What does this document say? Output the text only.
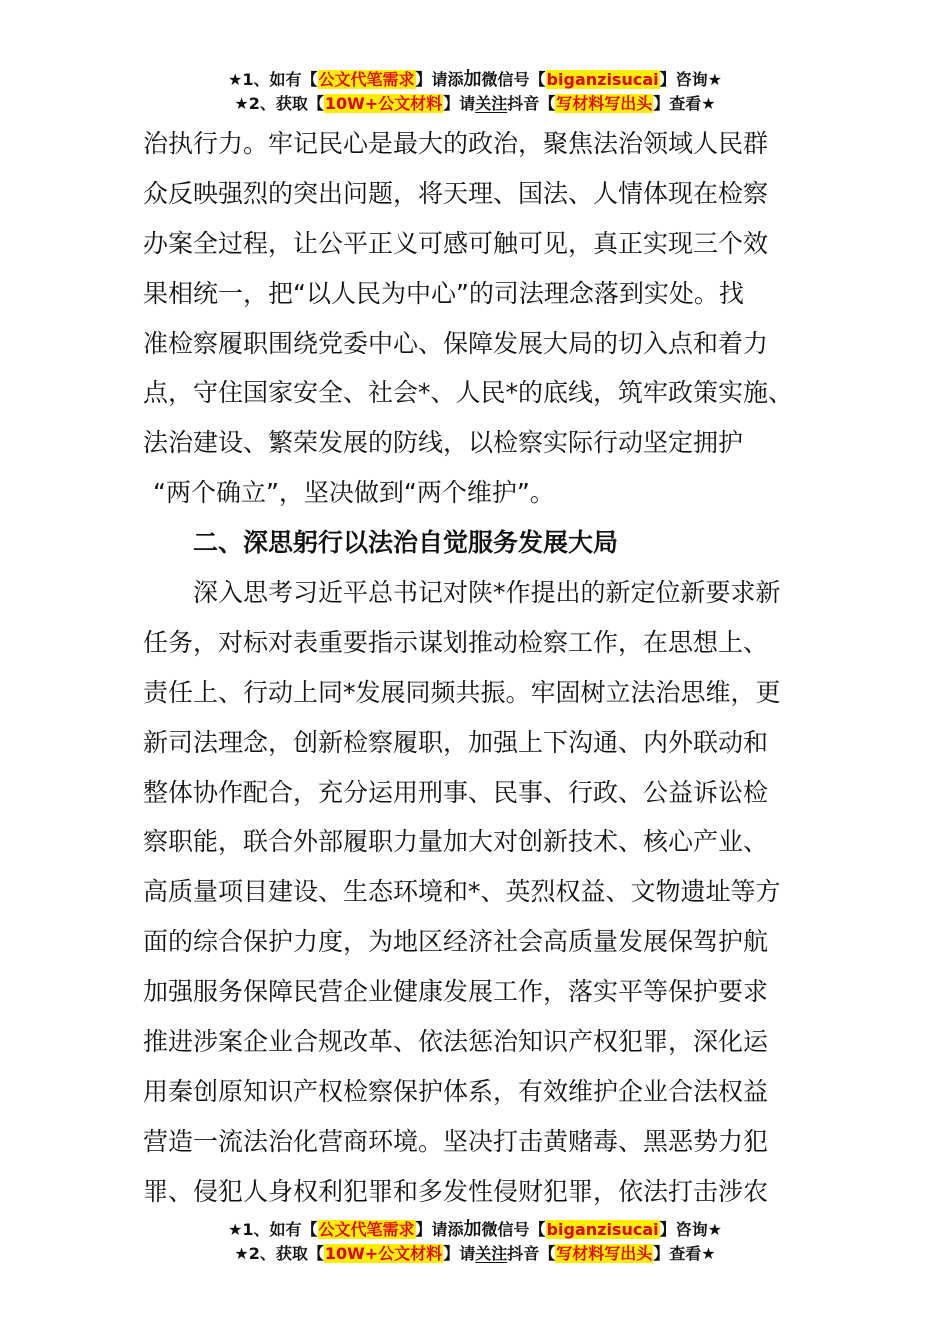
★1、如有【公文代笔需求】请添加微信号【biganzisucai】咨询★
★2、获取【10W+公文材料】请关注抖音【写材料写出头】查看★
治执行力。牢记民心是最大的政治，聚焦法治领域人民群
众反映强烈的突出问题，将天理、国法、人情体现在检察
办案全过程，让公平正义可感可触可见，真正实现三个效
果相统一，把“以人民为中心”的司法理念落到实处。找
准检察履职围绕党委中心、保障发展大局的切入点和着力
点，守住国家安全、社会*、人民*的底线，筑牢政策实施、
法治建设、繁荣发展的防线，以检察实际行动坚定拥护
“两个确立”，坚决做到“两个维护”。
二、深思躬行以法治自觉服务发展大局
深入思考习近平总书记对陕*作提出的新定位新要求新
任务，对标对表重要指示谋划推动检察工作，在思想上、
责任上、行动上同*发展同频共振。牢固树立法治思维，更
新司法理念，创新检察履职，加强上下沟通、内外联动和
整体协作配合，充分运用刑事、民事、行政、公益诉讼检
察职能，联合外部履职力量加大对创新技术、核心产业、
高质量项目建设、生态环境和*、英烈权益、文物遗址等方
面的综合保护力度，为地区经济社会高质量发展保驾护航
加强服务保障民营企业健康发展工作，落实平等保护要求
推进涉案企业合规改革、依法惩治知识产权犯罪，深化运
用秦创原知识产权检察保护体系，有效维护企业合法权益
营造一流法治化营商环境。坚决打击黄赌毒、黑恶势力犯
罪、侵犯人身权利犯罪和多发性侵财犯罪，依法打击涉农
★1、如有【公文代笔需求】请添加微信号【biganzisucai】咨询★
★2、获取【10W+公文材料】请关注抖音【写材料写出头】查看★
